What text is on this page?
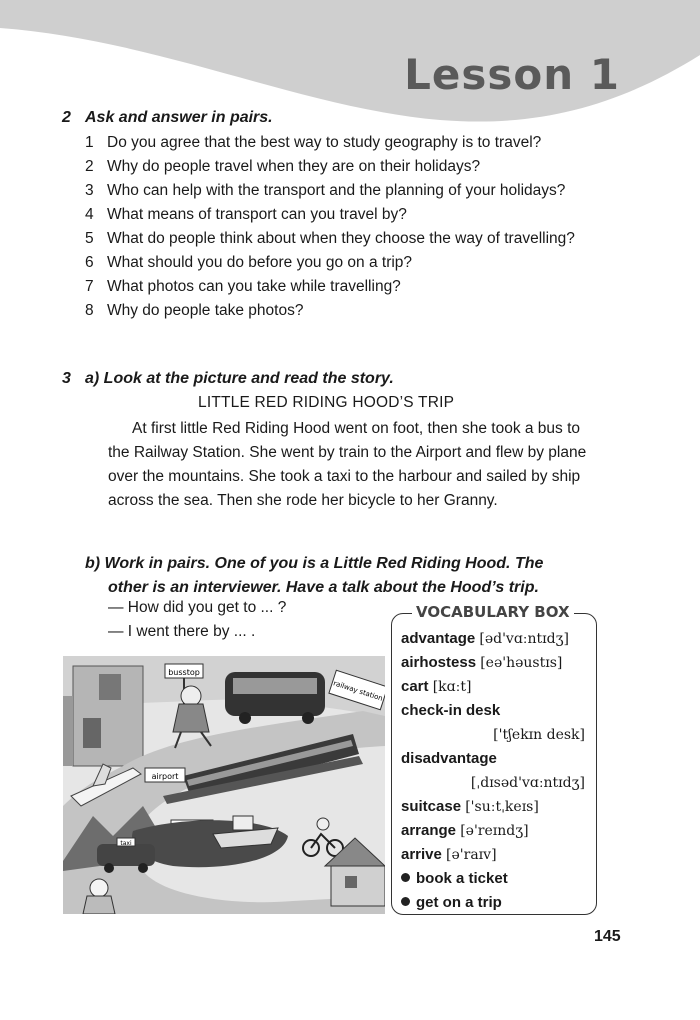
Lesson 1
2 Ask and answer in pairs.
1 Do you agree that the best way to study geography is to travel?
2 Why do people travel when they are on their holidays?
3 Who can help with the transport and the planning of your holidays?
4 What means of transport can you travel by?
5 What do people think about when they choose the way of travelling?
6 What should you do before you go on a trip?
7 What photos can you take while travelling?
8 Why do people take photos?
3 a) Look at the picture and read the story.
LITTLE RED RIDING HOOD’S TRIP
At first little Red Riding Hood went on foot, then she took a bus to the Railway Station. She went by train to the Airport and flew by plane over the mountains. She took a taxi to the harbour and sailed by ship across the sea. Then she rode her bicycle to her Granny.
b) Work in pairs. One of you is a Little Red Riding Hood. The
other is an interviewer. Have a talk about the Hood’s trip.
— How did you get to ... ?
— I went there by ... .
busstop
railway station
airport
taxi
VOCABULARY BOX
advantage [əd'vɑːntɪdʒ]
airhostess [eə'həustɪs]
cart [kɑːt]
check-in desk
['tʃekɪn desk]
disadvantage
[ˌdɪsəd'vɑːntɪdʒ]
suitcase ['suːtˌkeɪs]
arrange [ə'reɪndʒ]
arrive [ə'raɪv]
book a ticket
get on a trip
145
